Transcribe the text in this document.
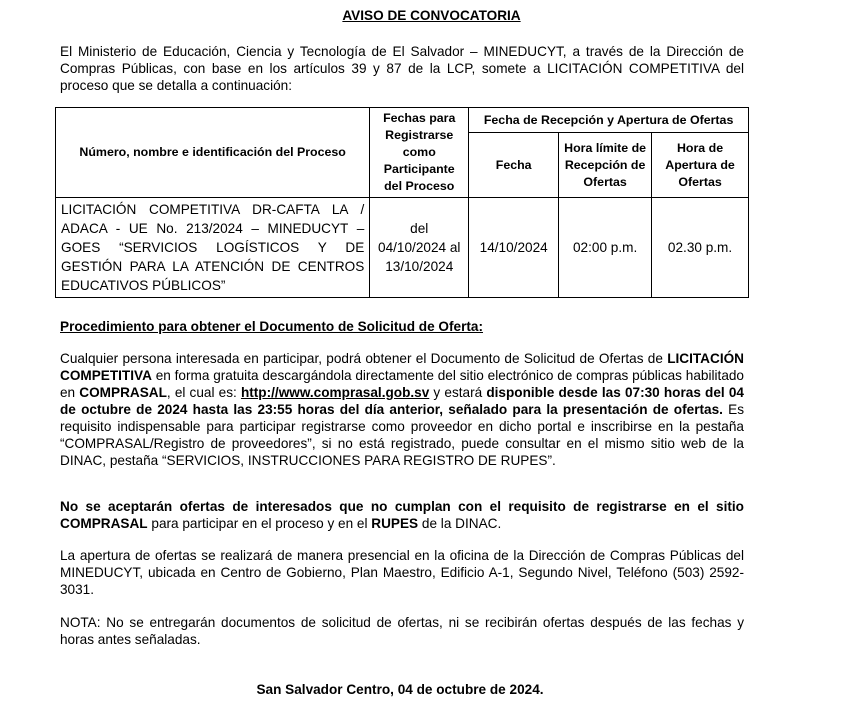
AVISO DE CONVOCATORIA

El Ministerio de Educación, Ciencia y Tecnología de El Salvador – MINEDUCYT, a través de la Dirección de Compras Públicas, con base en los artículos 39 y 87 de la LCP, somete a LICITACIÓN COMPETITIVA del proceso que se detalla a continuación:

Número, nombre e identificación del Proceso	Fechas para Registrarse como Participante del Proceso	Fecha de Recepción y Apertura de Ofertas		
		Fecha	Hora límite de Recepción de Ofertas	Hora de Apertura de Ofertas
LICITACIÓN COMPETITIVA DR-CAFTA LA / ADACA - UE No. 213/2024 – MINEDUCYT – GOES “SERVICIOS LOGÍSTICOS Y DE GESTIÓN PARA LA ATENCIÓN DE CENTROS EDUCATIVOS PÚBLICOS”	del 04/10/2024 al 13/10/2024	14/10/2024	02:00 p.m.	02.30 p.m.

Procedimiento para obtener el Documento de Solicitud de Oferta:

Cualquier persona interesada en participar, podrá obtener el Documento de Solicitud de Ofertas de LICITACIÓN COMPETITIVA en forma gratuita descargándola directamente del sitio electrónico de compras públicas habilitado en COMPRASAL, el cual es: http://www.comprasal.gob.sv y estará disponible desde las 07:30 horas del 04 de octubre de 2024 hasta las 23:55 horas del día anterior, señalado para la presentación de ofertas. Es requisito indispensable para participar registrarse como proveedor en dicho portal e inscribirse en la pestaña “COMPRASAL/Registro de proveedores”, si no está registrado, puede consultar en el mismo sitio web de la DINAC, pestaña “SERVICIOS, INSTRUCCIONES PARA REGISTRO DE RUPES”.

No se aceptarán ofertas de interesados que no cumplan con el requisito de registrarse en el sitio COMPRASAL para participar en el proceso y en el RUPES de la DINAC.

La apertura de ofertas se realizará de manera presencial en la oficina de la Dirección de Compras Públicas del MINEDUCYT, ubicada en Centro de Gobierno, Plan Maestro, Edificio A-1, Segundo Nivel, Teléfono (503) 2592-3031.

NOTA: No se entregarán documentos de solicitud de ofertas, ni se recibirán ofertas después de las fechas y horas antes señaladas.

San Salvador Centro, 04 de octubre de 2024.
